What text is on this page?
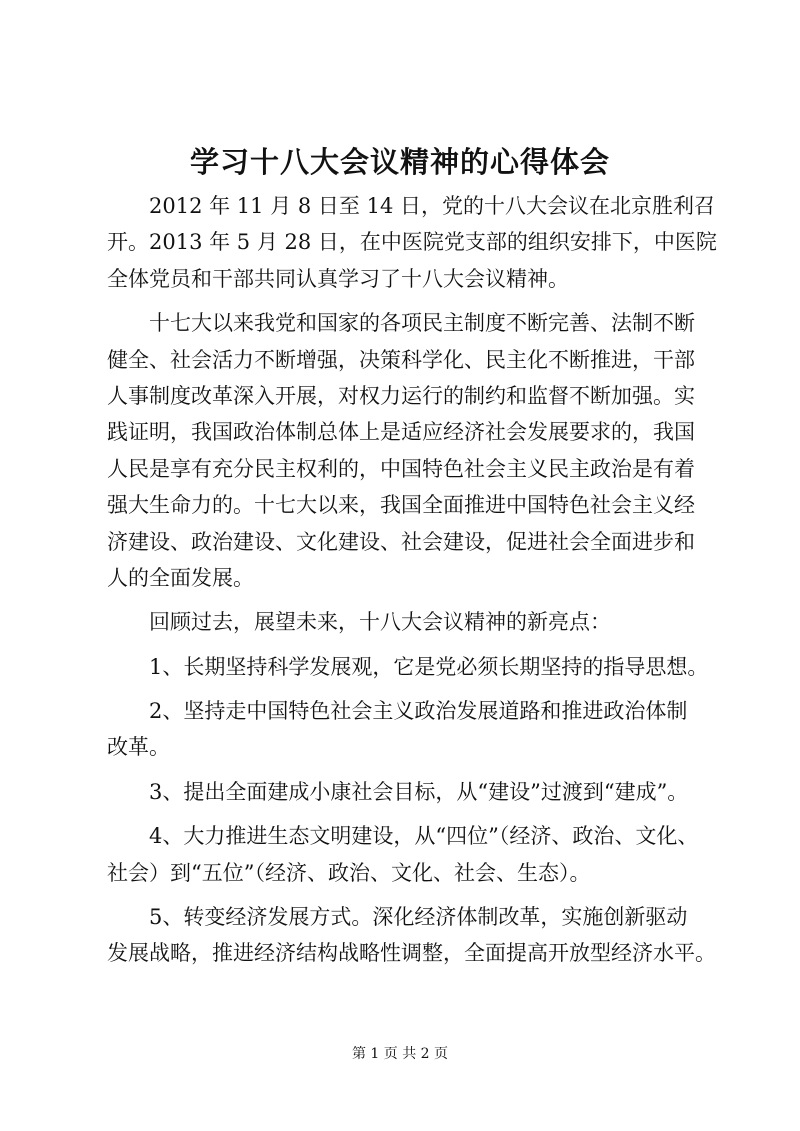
学习十八大会议精神的心得体会
2012 年 11 月 8 日至 14 日，党的十八大会议在北京胜利召
开。2013 年 5 月 28 日，在中医院党支部的组织安排下，中医院
全体党员和干部共同认真学习了十八大会议精神。
十七大以来我党和国家的各项民主制度不断完善、法制不断
健全、社会活力不断增强，决策科学化、民主化不断推进，干部
人事制度改革深入开展，对权力运行的制约和监督不断加强。实
践证明，我国政治体制总体上是适应经济社会发展要求的，我国
人民是享有充分民主权利的，中国特色社会主义民主政治是有着
强大生命力的。十七大以来，我国全面推进中国特色社会主义经
济建设、政治建设、文化建设、社会建设，促进社会全面进步和
人的全面发展。
回顾过去，展望未来，十八大会议精神的新亮点：
1、长期坚持科学发展观，它是党必须长期坚持的指导思想。
2、坚持走中国特色社会主义政治发展道路和推进政治体制
改革。
3、提出全面建成小康社会目标，从“建设”过渡到“建成”。
4、大力推进生态文明建设，从“四位”（经济、政治、文化、
社会）到“五位”（经济、政治、文化、社会、生态）。
5、转变经济发展方式。深化经济体制改革，实施创新驱动
发展战略，推进经济结构战略性调整，全面提高开放型经济水平。
第 1 页 共 2 页
